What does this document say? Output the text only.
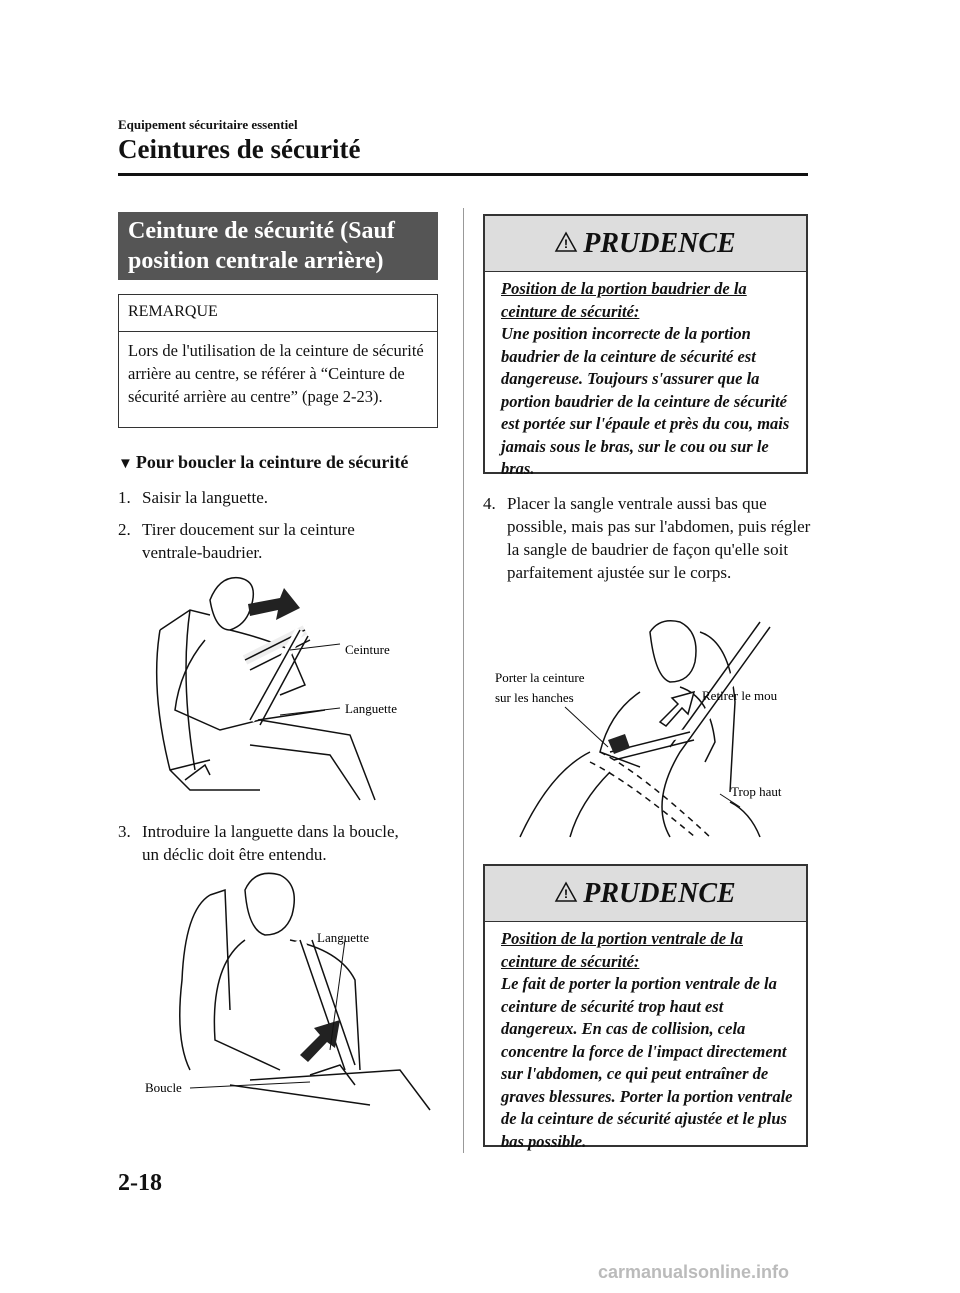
Equipement sécuritaire essentiel
Ceintures de sécurité
Ceinture de sécurité (Sauf position centrale arrière)
REMARQUE
Lors de l'utilisation de la ceinture de sécurité arrière au centre, se référer à “Ceinture de sécurité arrière au centre” (page 2-23).
▼ Pour boucler la ceinture de sécurité
1. Saisir la languette.
2. Tirer doucement sur la ceinture
ventrale-baudrier.
Ceinture
Languette
3. Introduire la languette dans la boucle,
un déclic doit être entendu.
Languette
Boucle
! PRUDENCE
Position de la portion baudrier de la ceinture de sécurité:
Une position incorrecte de la portion baudrier de la ceinture de sécurité est dangereuse. Toujours s'assurer que la portion baudrier de la ceinture de sécurité est portée sur l'épaule et près du cou, mais jamais sous le bras, sur le cou ou sur le bras.
4. Placer la sangle ventrale aussi bas que
possible, mais pas sur l'abdomen, puis régler la sangle de baudrier de façon qu'elle soit parfaitement ajustée sur le corps.
Porter la ceinture
sur les hanches	Retirer le mou
Trop haut
! PRUDENCE
Position de la portion ventrale de la ceinture de sécurité:
Le fait de porter la portion ventrale de la ceinture de sécurité trop haut est dangereux. En cas de collision, cela concentre la force de l'impact directement sur l'abdomen, ce qui peut entraîner de graves blessures. Porter la portion ventrale de la ceinture de sécurité ajustée et le plus bas possible.
2-18
carmanualsonline.info
